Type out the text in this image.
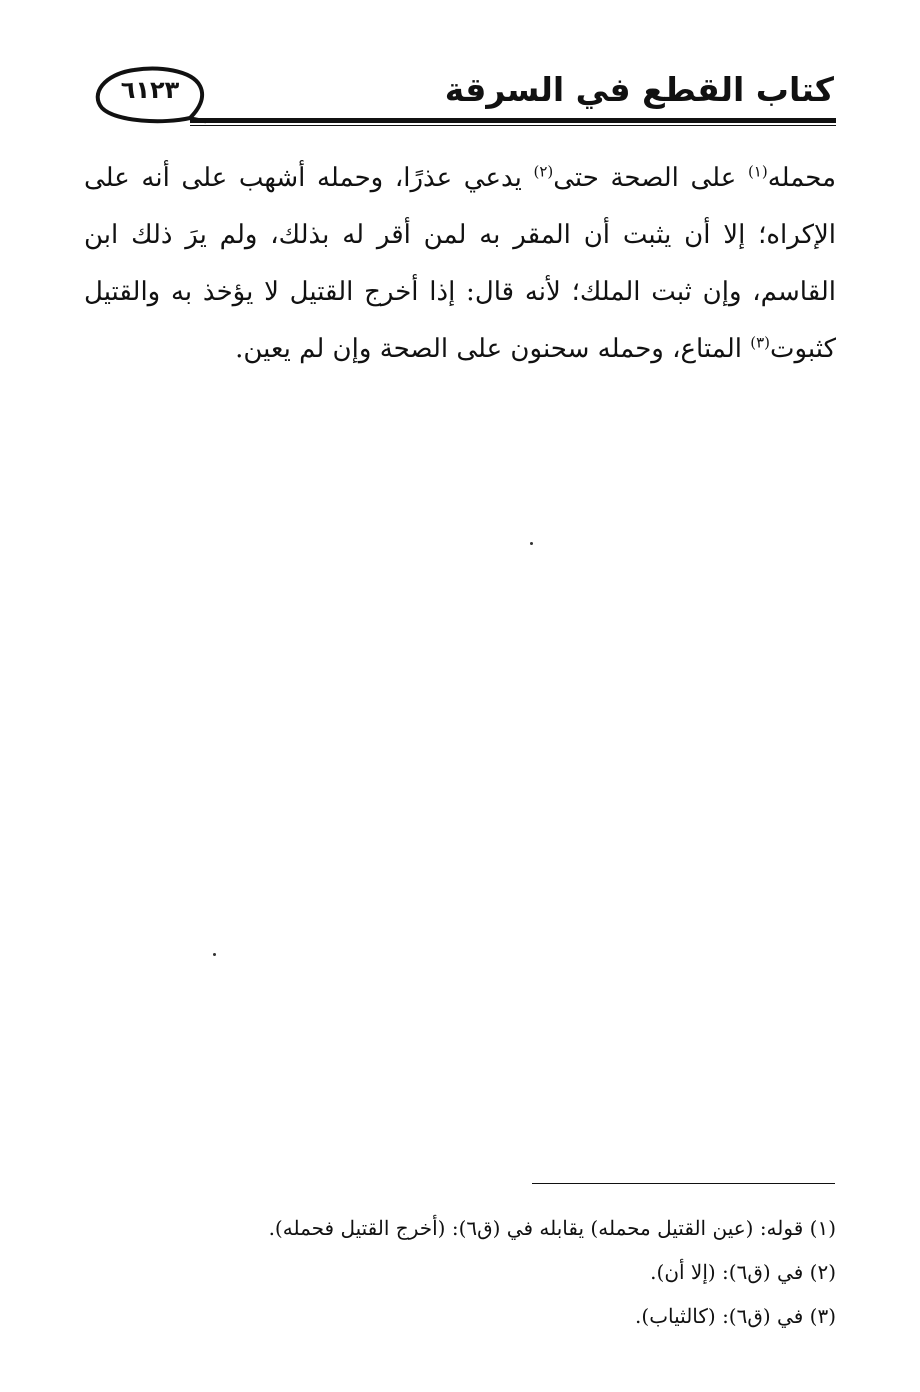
كتاب القطع في السرقة
٦١٢٣
محمله$^{(١)}$ على الصحة حتى$^{(٢)}$ يدعي عذرًا، وحمله أشهب على أنه على الإكراه؛ إلا أن يثبت أن المقر به لمن أقر له بذلك، ولم يرَ ذلك ابن القاسم، وإن ثبت الملك؛ لأنه قال: إذا أخرج القتيل لا يؤخذ به والقتيل كثبوت$^{(٣)}$ المتاع، وحمله سحنون على الصحة وإن لم يعين.
(١) قوله: (عين القتيل محمله) يقابله في (ق٦): (أخرج القتيل فحمله).
(٢) في (ق٦): (إلا أن).
(٣) في (ق٦): (كالثياب).
